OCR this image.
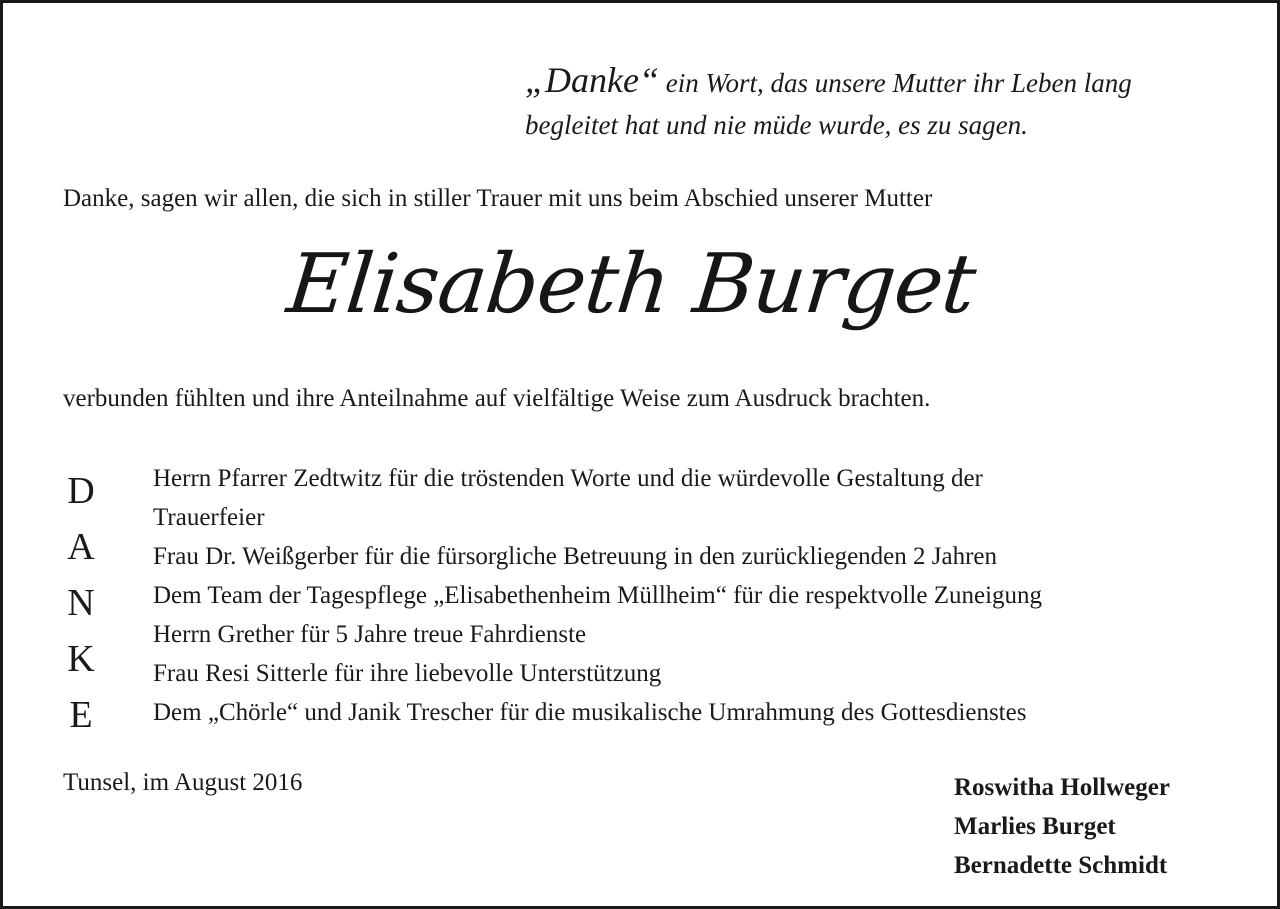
„Danke“ ein Wort, das unsere Mutter ihr Leben lang
begleitet hat und nie müde wurde, es zu sagen.
Danke, sagen wir allen, die sich in stiller Trauer mit uns beim Abschied unserer Mutter
Elisabeth Burget
verbunden fühlten und ihre Anteilnahme auf vielfältige Weise zum Ausdruck brachten.
D
A
N
K
E
Herrn Pfarrer Zedtwitz für die tröstenden Worte und die würdevolle Gestaltung der
Trauerfeier
Frau Dr. Weißgerber für die fürsorgliche Betreuung in den zurückliegenden 2 Jahren
Dem Team der Tagespflege „Elisabethenheim Müllheim“ für die respektvolle Zuneigung
Herrn Grether für 5 Jahre treue Fahrdienste
Frau Resi Sitterle für ihre liebevolle Unterstützung
Dem „Chörle“ und Janik Trescher für die musikalische Umrahmung des Gottesdienstes
Tunsel, im August 2016	Roswitha Hollweger
Marlies Burget
Bernadette Schmidt
